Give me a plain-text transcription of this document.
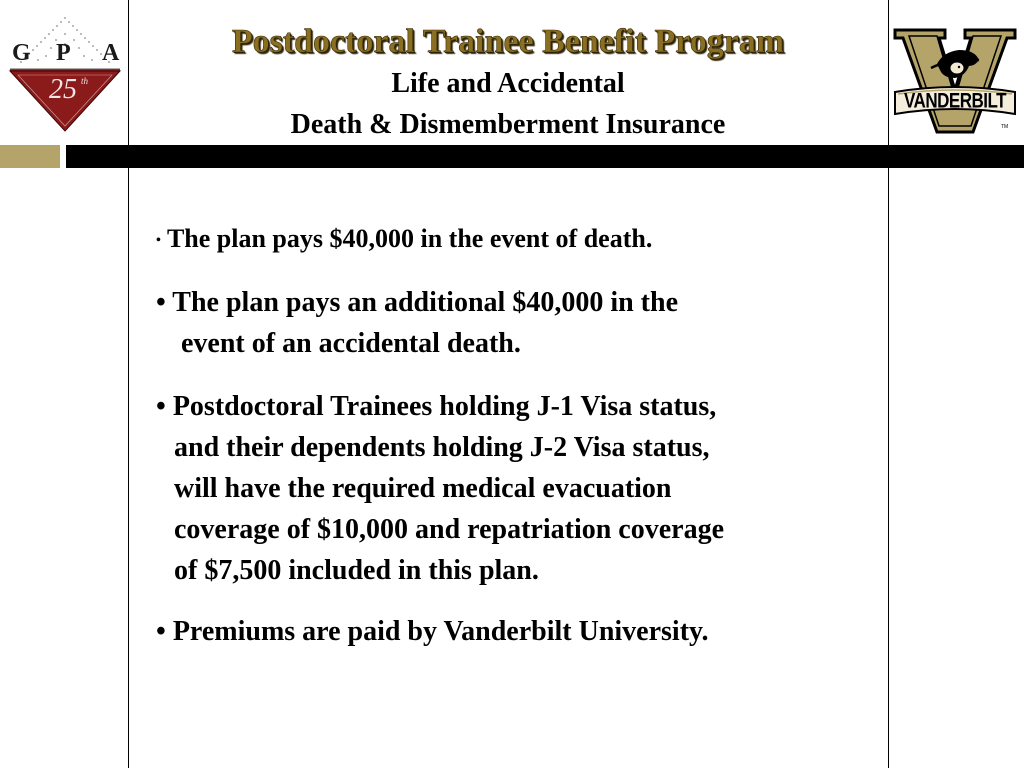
G P A
25 th
VANDERBILT
TM
Postdoctoral Trainee Benefit Program
Life and Accidental
Death & Dismemberment Insurance

• The plan pays $40,000 in the event of death.

• The plan pays an additional $40,000 in the
event of an accidental death.

• Postdoctoral Trainees holding J-1 Visa status,
and their dependents holding J-2 Visa status,
will have the required medical evacuation
coverage of $10,000 and repatriation coverage
of $7,500 included in this plan.

• Premiums are paid by Vanderbilt University.
